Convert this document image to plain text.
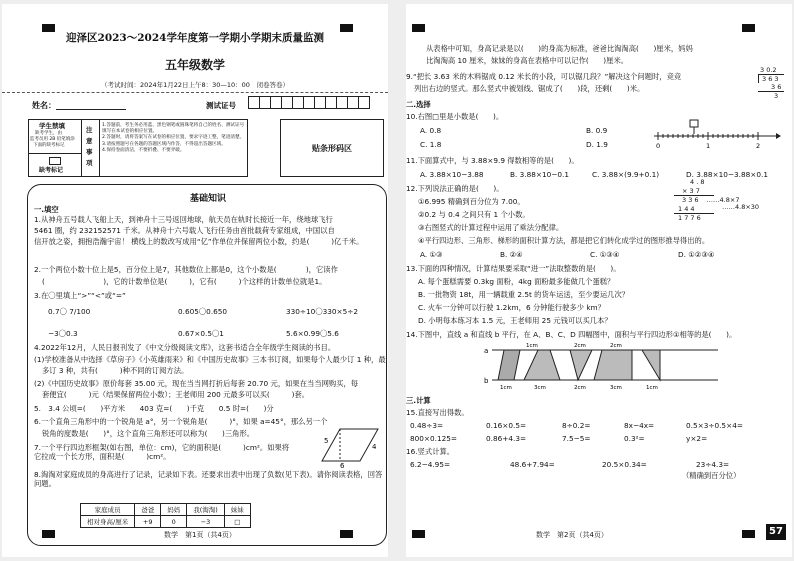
迎泽区2023～2024学年度第一学期小学期末质量监测
五年级数学
（考试时间：2024年1月22日上午8：30—10：00　闭卷答卷）
姓名：	测试证号
学生禁填
缺考学生，由
监考员用 2B 铅笔填涂
下面的缺考标记
缺考标记
注
意
事
项
1.答题前，考生务必用蓝、黑色钢笔或圆珠笔将自己的姓名、测试证号填写在本试卷的相应位置。
2.答题时，请将答案写在试卷的相应位置，要求字迹工整，笔迹清楚。
3.请按照题号在各题的答题区域内作答，不得超出答题区域。
4.保持卷面清洁，不要折叠、不要弄破。	贴条形码区
基础知识
一.填空
1.从神舟五号载人飞船上天，到神舟十三号返回地球，航天员在轨时长接近一年，绕地球飞行
5461 圈，约 232152571 千米。从神舟十六号载人飞行任务由首批载荷专家组成，中国以自
信开放之姿，拥抱浩瀚宇宙！ 横线上的数改写成用“亿”作单位并保留两位小数，约是(　　　)亿千米。
2.一个两位小数十位上是5，百分位上是7，其他数位上都是0，这个小数是(　　　　)，它读作
(　　　　　　　　)，它的计数单位是(　　　)，它有(　　　)个这样的计数单位就是1。
3.在〇里填上“>”“<”或“=”
0.7〇 7/100	0.605〇0.650	330÷10〇330×5÷2
−3〇0.3	0.67×0.5〇1	5.6×0.99〇5.6
4.2022年12月，人民日报刊发了《中文分级阅读文库》，这套书适合全年级学生阅读的书目。
(1)学校准备从中选择《草房子》《小英雄雨来》和《中国历史故事》三本书订阅，如果每个人最少订 1 种，最
多订 3 种，共有(　　　)种不同的订阅方法。
(2)《中国历史故事》原价每套 35.00 元，现在当当网打折后每套 20.70 元，如果在当当网购买，每
套便宜(　　　)元（结果保留两位小数）；王老师用 200 元最多可以买(　　　)套。
5.　3.4 公顷=(　　)平方米　　403 克=(　　)千克　　0.5 时=(　　)分
6.一个直角三角形中的一个锐角是 a°，另一个锐角是(　　　)°，如果 a=45°，那么另一个
锐角的度数是(　　)°，这个直角三角形还可以称为(　　)三角形。
7.一个平行四边形框架(如右图，单位：cm)，它的面积是(　　　)cm²。如果将它拉成一个长方形，面积是(　　　)cm²。
5
4
6
8.淘淘对家庭成员的身高进行了记录，记录如下表。还要求出表中出现了负数(见下表)。请你阅读表格，回答问题。
家庭成员	爸爸	妈妈	我(淘淘)	妹妹
相对身高/厘米	+9	0	−3	□
数学　第1页（共4页）
从表格中可知，身高记录是以(　　)的身高为标准，爸爸比淘淘高(　　)厘米，妈妈
比淘淘高 10 厘米，妹妹的身高在表格中可以记作(　　)厘米。
9.“把长 3.63 米的木料锯成 0.12 米长的小段，可以锯几段？”解决这个问题时，竞竞
列出右边的竖式。那么竖式中被划线、锯成了(　　)段，还剩(　　)米。
3 0.2
3 6 3
3 6
3
二.选择
10.右图□里是小数是(　　)。
A. 0.8	B. 0.9
C. 1.8	D. 1.9	0	1	2
11.下面算式中，与 3.88×9.9 得数相等的是(　　)。
A. 3.88×10−3.88	B. 3.88×10−0.1	C. 3.88×(9.9+0.1)	D. 3.88×10−3.88×0.1
12.下列说法正确的是(　　)。
①6.995 精确到百分位为 7.00。
②0.2 与 0.4 之间只有 1 个小数。
③右图竖式的计算过程中运用了乘法分配律。
④平行四边形、三角形、梯形的面积计算方法，都是把它们转化成学过的图形推导得出的。
A. ①③	B. ②④	C. ①③④	D. ①②③④
4 . 8
× 3 7
3 3 6 ……4.8×7
1 4 4	……4.8×30
1 7 7 6
13.下面的四种情况，计算结果要采取“进一”法取整数的是(　　)。
A. 每个蛋糕需要 0.3kg 面粉，4kg 面粉最多能做几个蛋糕？
B. 一批物资 18t，用一辆载重 2.5t 的货车运送，至少要运几次？
C. 火车一分钟可以行驶 1.2km，6 分钟能行驶多少 km？
D. 小明每本练习本 1.5 元，王老师用 25 元钱可以买几本？
14.下图中，直线 a 和直线 b 平行，在 A、B、C、D 四幅图中，面积与平行四边形①相等的是(　　)。
a
b
1cm	2cm	2cm
1cm	3cm	2cm	3cm	1cm
三.计算
15.直接写出得数。
0.48÷3=	0.16×0.5=	8÷0.2=	8x−4x=	0.5×3÷0.5×4=
800×0.125=	0.86+4.3=	7.5−5=	0.3²=	y×2=
16.竖式计算。
6.2−4.95=	48.6+7.94=	20.5×0.34=	23÷4.3=
（精确到百分位）
数学　第2页（共4页）	57
